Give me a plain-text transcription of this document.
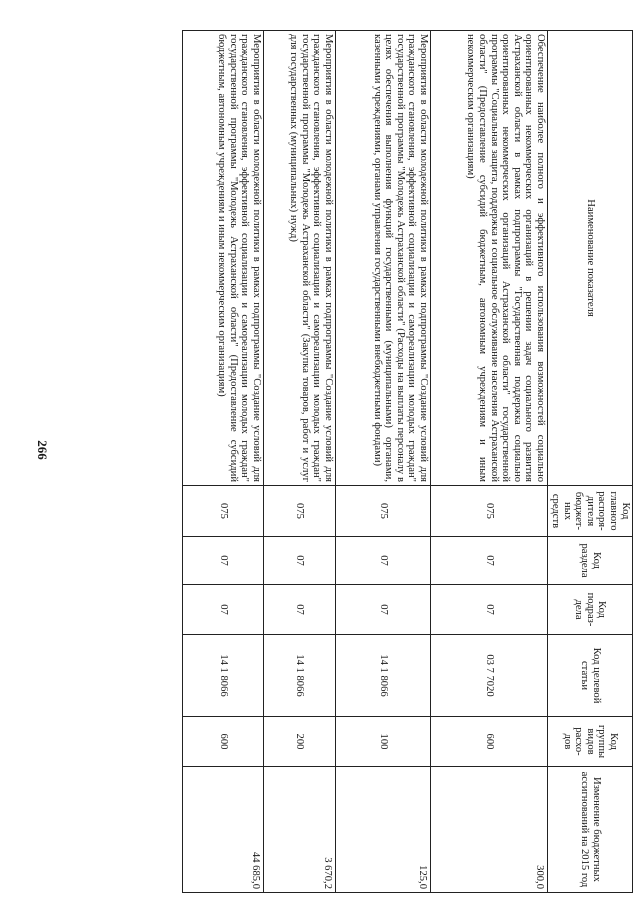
266
Наименование показателя	Код главного распоря- дителя бюджет- ных средств	Код раздела	Код подраз- дела	Код целевой статьи	Код группы видов расхо- дов	Изменение бюджетных ассигнований на 2015 год
Обеспечение наиболее полного и эффективного использования возможностей социально ориентированных некоммерческих организаций в решении задач социального развития Астраханской области в рамках подпрограммы "Государственная поддержка социально ориентированных некоммерческих организаций Астраханской области" государственной программы "Социальная защита, поддержка и социальное обслуживание населения Астраханской области" (Предоставление субсидий бюджетным, автономным учреждениям и иным некоммерческим организациям)	075	07	07	03 7 7020	600	300,0
Мероприятия в области молодежной политики в рамках подпрограммы "Создание условий для гражданского становления, эффективной социализации и самореализации молодых граждан" государственной программы "Молодежь Астраханской области" (Расходы на выплаты персоналу в целях обеспечения выполнения функций государственными (муниципальными) органами, казенными учреждениями, органами управления государственными внебюджетными фондами)	075	07	07	14 1 8066	100	125,0
Мероприятия в области молодежной политики в рамках подпрограммы "Создание условий для гражданского становления, эффективной социализации и самореализации молодых граждан" государственной программы "Молодежь Астраханской области" (Закупка товаров, работ и услуг для государственных (муниципальных) нужд)	075	07	07	14 1 8066	200	3 670,2
Мероприятия в области молодежной политики в рамках подпрограммы "Создание условий для гражданского становления, эффективной социализации и самореализации молодых граждан" государственной программы "Молодежь Астраханской области" (Предоставление субсидий бюджетным, автономным учреждениям и иным некоммерческим организациям)	075	07	07	14 1 8066	600	44 685,0
